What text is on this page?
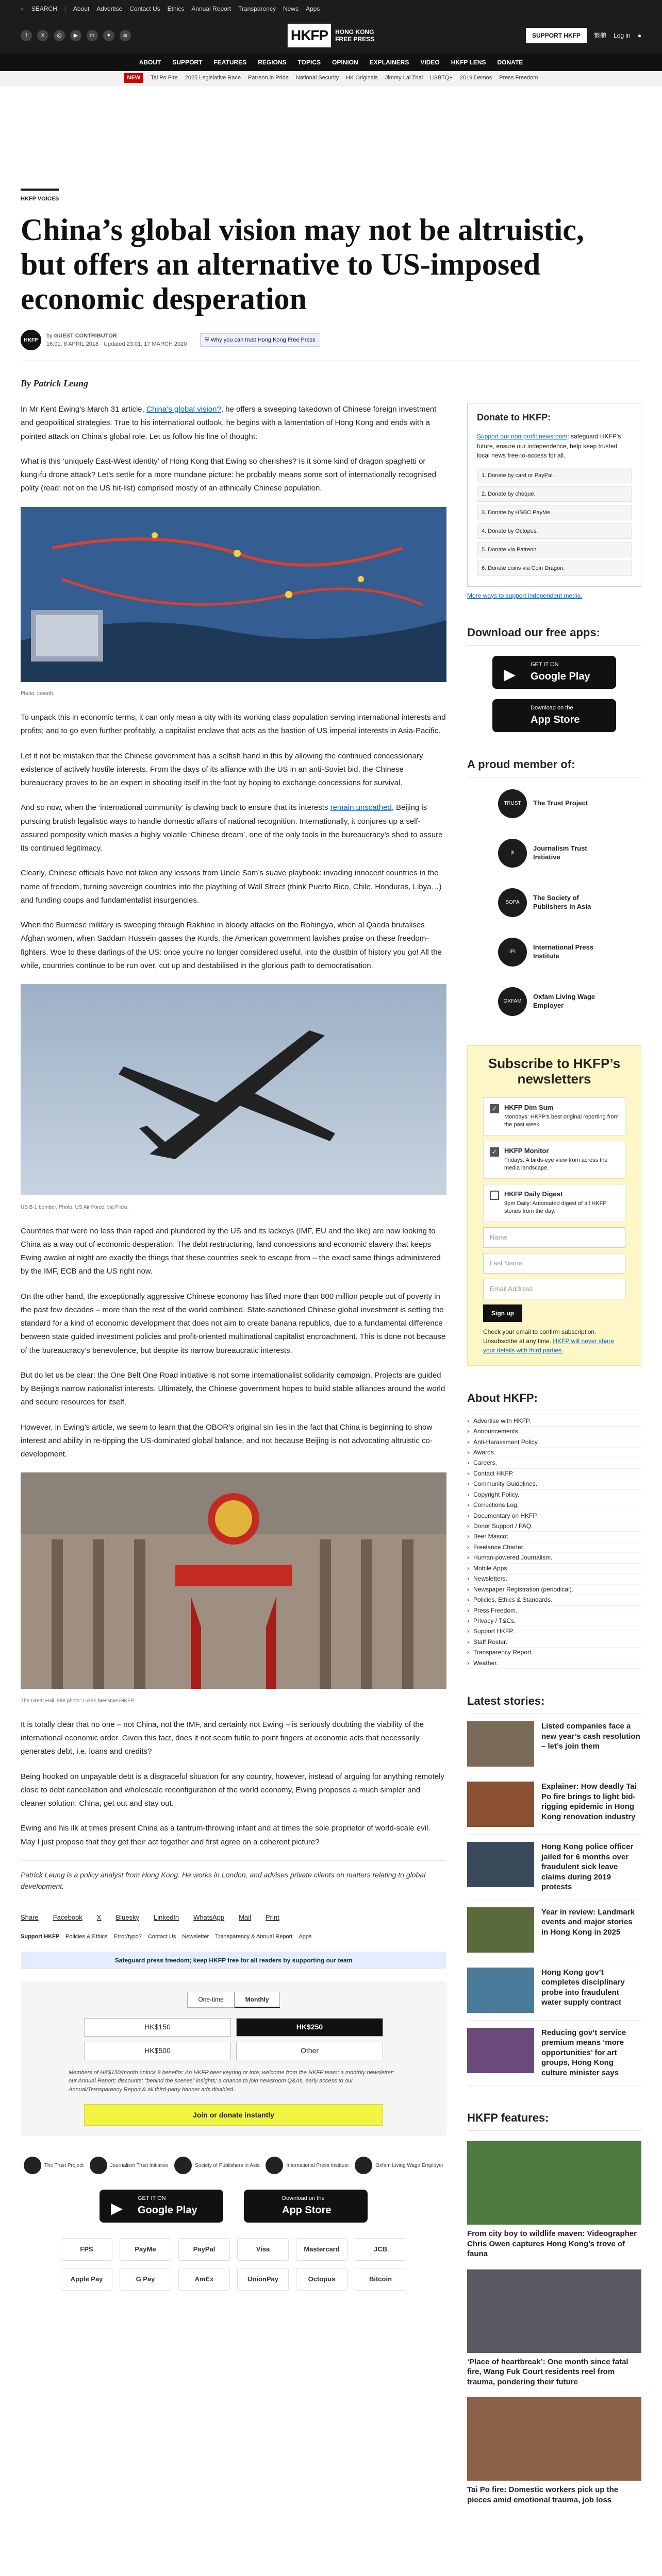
⌕ SEARCH | About Advertise Contact Us Ethics Annual Report Transparency News Apps
f	X	◎	▶	in	✦	≋	HKFP	HONG KONG
FREE PRESS	SUPPORT HKFP	繁體 Log in ●
ABOUT SUPPORT FEATURES REGIONS TOPICS OPINION EXPLAINERS VIDEO HKFP LENS DONATE
NEW	Tai Po Fire 2025 Legislative Race Patreon in Pride National Security HK Originals Jimmy Lai Trial LGBTQ+ 2019 Demos Press Freedom
HKFP VOICES
China’s global vision may not be altruistic, but offers an alternative to US-imposed economic desperation
HKFP
by GUEST CONTRIBUTOR
16:01, 8 APRIL 2018 · Updated 23:01, 17 MARCH 2020
⛨ Why you can trust Hong Kong Free Press
By Patrick Leung

In Mr Kent Ewing’s March 31 article, China’s global vision?, he offers a sweeping takedown of Chinese foreign investment and geopolitical strategies. True to his international outlook, he begins with a lamentation of Hong Kong and ends with a pointed attack on China’s global role. Let us follow his line of thought:

What is this ‘uniquely East-West identity’ of Hong Kong that Ewing so cherishes? Is it some kind of dragon spaghetti or kung-fu drone attack? Let’s settle for a more mundane picture: he probably means some sort of internationally recognised polity (read: not on the US hit-list) comprised mostly of an ethnically Chinese population.

Photo: Ipeerth.

To unpack this in economic terms, it can only mean a city with its working class population serving international interests and profits; and to go even further profitably, a capitalist enclave that acts as the bastion of US imperial interests in Asia-Pacific.

Let it not be mistaken that the Chinese government has a selfish hand in this by allowing the continued concessionary existence of actively hostile interests. From the days of its alliance with the US in an anti-Soviet bid, the Chinese bureaucracy proves to be an expert in shooting itself in the foot by hoping to exchange concessions for survival.

And so now, when the ‘international community’ is clawing back to ensure that its interests remain unscathed, Beijing is pursuing brutish legalistic ways to handle domestic affairs of national recognition. Internationally, it conjures up a self-assured pomposity which masks a highly volatile ‘Chinese dream’, one of the only tools in the bureaucracy’s shed to assure its continued legitimacy.

Clearly, Chinese officials have not taken any lessons from Uncle Sam’s suave playbook: invading innocent countries in the name of freedom, turning sovereign countries into the plaything of Wall Street (think Puerto Rico, Chile, Honduras, Libya…) and funding coups and fundamentalist insurgencies.

When the Burmese military is sweeping through Rakhine in bloody attacks on the Rohingya, when al Qaeda brutalises Afghan women, when Saddam Hussein gasses the Kurds, the American government lavishes praise on these freedom-fighters. Woe to these darlings of the US: once you’re no longer considered useful, into the dustbin of history you go! All the while, countries continue to be run over, cut up and destabilised in the glorious path to democratisation.

US B-1 bomber. Photo: US Air Force, via Flickr.

Countries that were no less than raped and plundered by the US and its lackeys (IMF, EU and the like) are now looking to China as a way out of economic desperation. The debt restructuring, land concessions and economic slavery that keeps Ewing awake at night are exactly the things that these countries seek to escape from – the exact same things administered by the IMF, ECB and the US right now.

On the other hand, the exceptionally aggressive Chinese economy has lifted more than 800 million people out of poverty in the past few decades – more than the rest of the world combined. State-sanctioned Chinese global investment is setting the standard for a kind of economic development that does not aim to create banana republics, due to a fundamental difference between state guided investment policies and profit-oriented multinational capitalist encroachment. This is done not because of the bureaucracy’s benevolence, but despite its narrow bureaucratic interests.

But do let us be clear: the One Belt One Road initiative is not some internationalist solidarity campaign. Projects are guided by Beijing’s narrow nationalist interests. Ultimately, the Chinese government hopes to build stable alliances around the world and secure resources for itself.

However, in Ewing’s article, we seem to learn that the OBOR’s original sin lies in the fact that China is beginning to show interest and ability in re-tipping the US-dominated global balance, and not because Beijing is not advocating altruistic co-development.

The Great Hall. File photo: Lukas Messmer/HKFP.

It is totally clear that no one – not China, not the IMF, and certainly not Ewing – is seriously doubting the viability of the international economic order. Given this fact, does it not seem futile to point fingers at economic acts that necessarily generates debt, i.e. loans and credits?

Being hooked on unpayable debt is a disgraceful situation for any country, however, instead of arguing for anything remotely close to debt cancellation and wholescale reconfiguration of the world economy, Ewing proposes a much simpler and cleaner solution: China, get out and stay out.

Ewing and his ilk at times present China as a tantrum-throwing infant and at times the sole proprietor of world-scale evil. May I just propose that they get their act together and first agree on a coherent picture?

Patrick Leung is a policy analyst from Hong Kong. He works in London, and advises private clients on matters relating to global development.
Share Facebook X Bluesky LinkedIn WhatsApp Mail Print
Support HKFP Policies & Ethics Error/typo? Contact Us Newsletter Transparency & Annual Report Apps
Safeguard press freedom; keep HKFP free for all readers by supporting our team
One-time	Monthly
HK$150	HK$250
HK$500	Other
Members of HK$150/month unlock 8 benefits: An HKFP beer keyring or tote; welcome from the HKFP team; a monthly newsletter; our Annual Report; discounts; “behind the scenes” insights; a chance to join newsroom Q&As, early access to our Annual/Transparency Report & all third-party banner ads disabled.
Join or donate instantly
The Trust Project	Journalism Trust Initiative	Society of Publishers in Asia	International Press Institute	Oxfam Living Wage Employer
▶
GET IT ON
Google Play
Download on the
App Store
FPS	PayMe	PayPal	Visa	Mastercard	JCB
Apple Pay	G Pay	AmEx	UnionPay	Octopus	Bitcoin
Donate to HKFP:

Support our non-profit newsroom: safeguard HKFP’s future, ensure our independence, help keep trusted local news free-to-access for all.

1. Donate by card or PayPal.
2. Donate by cheque.
3. Donate by HSBC PayMe.
4. Donate by Octopus.
5. Donate via Patreon.
6. Donate coins via Coin Dragon.
More ways to support independent media.
Download our free apps:
▶
GET IT ON
Google Play
Download on the
App Store
A proud member of:
TRUST	The Trust Project
jti
Journalism Trust Initiative
SOPA
The Society of Publishers in Asia
IPI
International Press Institute
OXFAM
Oxfam Living Wage Employer
Subscribe to HKFP’s newsletters
✓ HKFP Dim Sum
Mondays: HKFP’s best original reporting from the past week.
✓ HKFP Monitor
Fridays: A birds-eye view from across the media landscape.
HKFP Daily Digest
9pm Daily: Automated digest of all HKFP stories from the day.
Name
Last Name
Email Address
Sign up
Check your email to confirm subscription. Unsubscribe at any time. HKFP will never share your details with third parties.
About HKFP:
› Advertise with HKFP.
› Announcements.
› Anti-Harassment Policy.
› Awards.
› Careers.
› Contact HKFP.
› Community Guidelines.
› Copyright Policy.
› Corrections Log.
› Documentary on HKFP.
› Donor Support / FAQ.
› Beer Mascot.
› Freelance Charter.
› Human-powered Journalism.
› Mobile Apps.
› Newsletters.
› Newspaper Registration (periodical).
› Policies, Ethics & Standards.
› Press Freedom.
› Privacy / T&Cs.
› Support HKFP.
› Staff Roster.
› Transparency Report.
› Weather.
Latest stories:
Listed companies face a new year’s cash resolution – let’s join them
Explainer: How deadly Tai Po fire brings to light bid-rigging epidemic in Hong Kong renovation industry
Hong Kong police officer jailed for 6 months over fraudulent sick leave claims during 2019 protests
Year in review: Landmark events and major stories in Hong Kong in 2025
Hong Kong gov’t completes disciplinary probe into fraudulent water supply contract
Reducing gov’t service premium means ‘more opportunities’ for art groups, Hong Kong culture minister says
HKFP features:
From city boy to wildlife maven: Videographer Chris Owen captures Hong Kong’s trove of fauna
‘Place of heartbreak’: One month since fatal fire, Wang Fuk Court residents reel from trauma, pondering their future
Tai Po fire: Domestic workers pick up the pieces amid emotional trauma, job loss
